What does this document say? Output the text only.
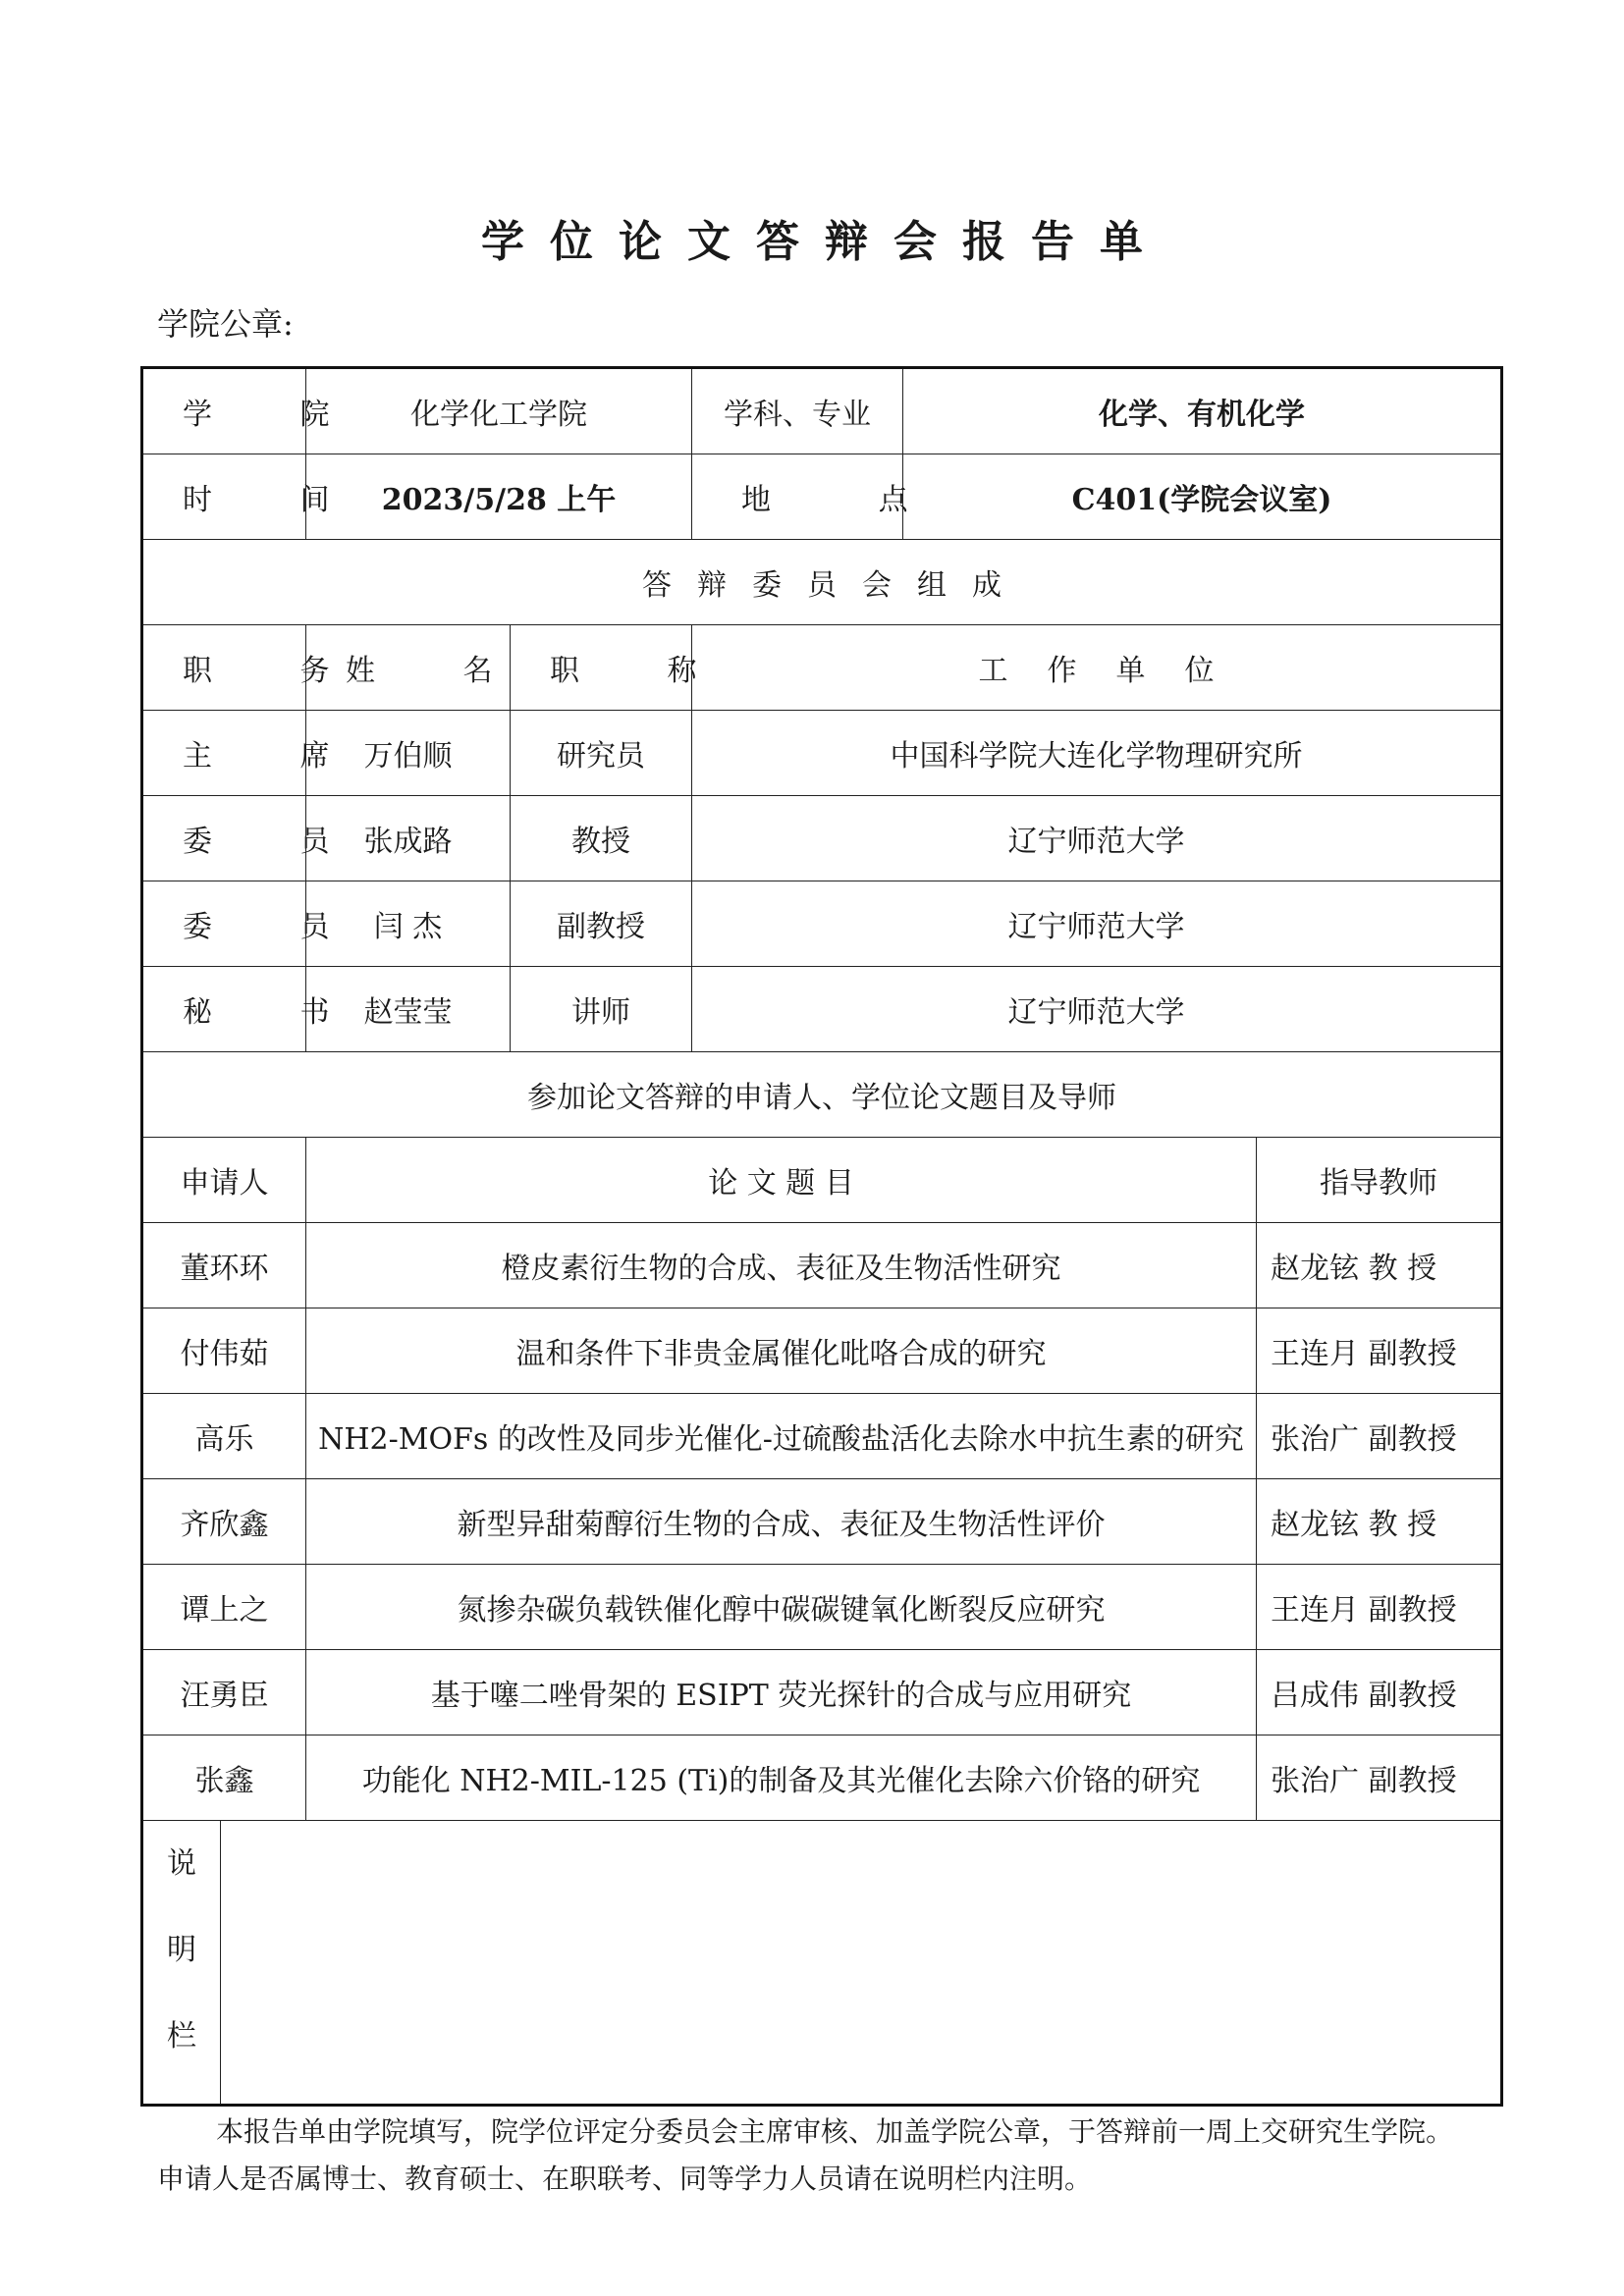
学位论文答辩会报告单
学院公章:
学 院		化学化工学院		学科、专业	化学、有机化学	
时 间		2023/5/28 上午		地 点	C401(学院会议室)	
答辩委员会组成						
职 务		姓 名	职 称	工作单位		
主 席		万伯顺	研究员	中国科学院大连化学物理研究所		
委 员		张成路	教授	辽宁师范大学		
委 员		闫 杰	副教授	辽宁师范大学		
秘 书		赵莹莹	讲师	辽宁师范大学		
参加论文答辩的申请人、学位论文题目及导师						
申请人		论 文 题 目				指导教师
董环环		橙皮素衍生物的合成、表征及生物活性研究				赵龙铉 教 授
付伟茹		温和条件下非贵金属催化吡咯合成的研究				王连月 副教授
高乐		NH2-MOFs 的改性及同步光催化-过硫酸盐活化去除水中抗生素的研究				张治广 副教授
齐欣鑫		新型异甜菊醇衍生物的合成、表征及生物活性评价				赵龙铉 教 授
谭上之		氮掺杂碳负载铁催化醇中碳碳键氧化断裂反应研究				王连月 副教授
汪勇臣		基于噻二唑骨架的 ESIPT 荧光探针的合成与应用研究				吕成伟 副教授
张鑫		功能化 NH2-MIL-125 (Ti)的制备及其光催化去除六价铬的研究				张治广 副教授

说
明
栏						

本报告单由学院填写，院学位评定分委员会主席审核、加盖学院公章，于答辩前一周上交研究生学院。

申请人是否属博士、教育硕士、在职联考、同等学力人员请在说明栏内注明。
